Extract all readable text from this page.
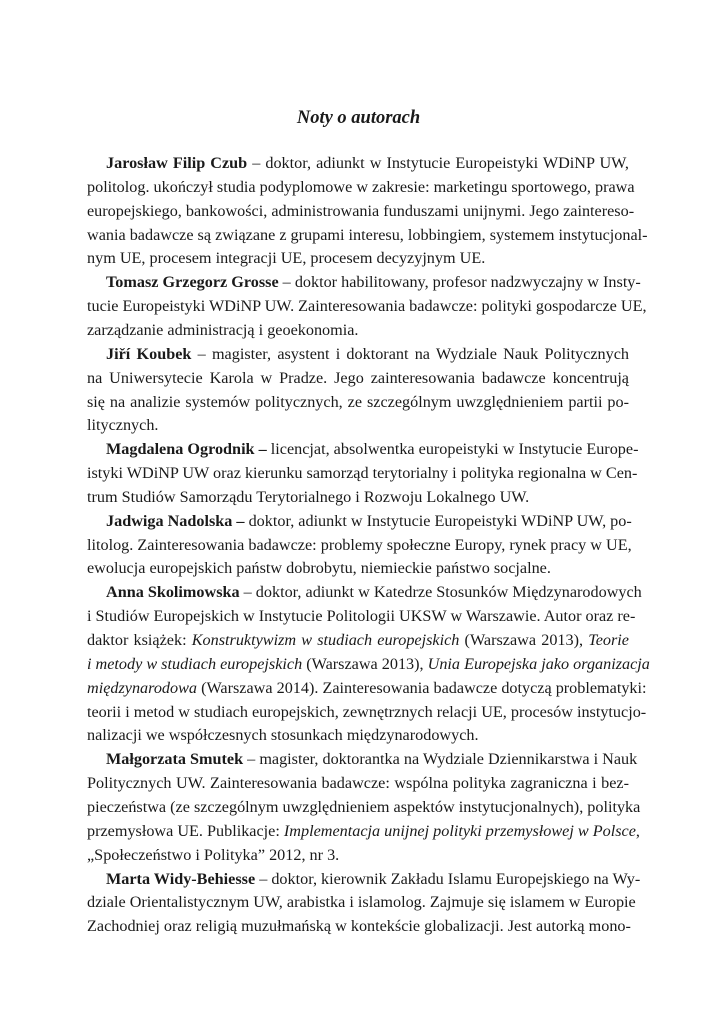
Noty o autorach
Jarosław Filip Czub – doktor, adiunkt w Instytucie Europeistyki WDiNP UW,
politolog. ukończył studia podyplomowe w zakresie: marketingu sportowego, prawa
europejskiego, bankowości, administrowania funduszami unijnymi. Jego zaintereso-
wania badawcze są związane z grupami interesu, lobbingiem, systemem instytucjonal-
nym UE, procesem integracji UE, procesem decyzyjnym UE.
Tomasz Grzegorz Grosse – doktor habilitowany, profesor nadzwyczajny w Insty-
tucie Europeistyki WDiNP UW. Zainteresowania badawcze: polityki gospodarcze UE,
zarządzanie administracją i geoekonomia.
Jiří Koubek – magister, asystent i doktorant na Wydziale Nauk Politycznych
na Uniwersytecie Karola w Pradze. Jego zainteresowania badawcze koncentrują
się na analizie systemów politycznych, ze szczególnym uwzględnieniem partii po-
litycznych.
Magdalena Ogrodnik – licencjat, absolwentka europeistyki w Instytucie Europe-
istyki WDiNP UW oraz kierunku samorząd terytorialny i polityka regionalna w Cen-
trum Studiów Samorządu Terytorialnego i Rozwoju Lokalnego UW.
Jadwiga Nadolska – doktor, adiunkt w Instytucie Europeistyki WDiNP UW, po-
litolog. Zainteresowania badawcze: problemy społeczne Europy, rynek pracy w UE,
ewolucja europejskich państw dobrobytu, niemieckie państwo socjalne.
Anna Skolimowska – doktor, adiunkt w Katedrze Stosunków Międzynarodowych
i Studiów Europejskich w Instytucie Politologii UKSW w Warszawie. Autor oraz re-
daktor książek: Konstruktywizm w studiach europejskich (Warszawa 2013), Teorie
i metody w studiach europejskich (Warszawa 2013), Unia Europejska jako organizacja
międzynarodowa (Warszawa 2014). Zainteresowania badawcze dotyczą problematyki:
teorii i metod w studiach europejskich, zewnętrznych relacji UE, procesów instytucjo-
nalizacji we współczesnych stosunkach międzynarodowych.
Małgorzata Smutek – magister, doktorantka na Wydziale Dziennikarstwa i Nauk
Politycznych UW. Zainteresowania badawcze: wspólna polityka zagraniczna i bez-
pieczeństwa (ze szczególnym uwzględnieniem aspektów instytucjonalnych), polityka
przemysłowa UE. Publikacje: Implementacja unijnej polityki przemysłowej w Polsce,
„Społeczeństwo i Polityka” 2012, nr 3.
Marta Widy-Behiesse – doktor, kierownik Zakładu Islamu Europejskiego na Wy-
dziale Orientalistycznym UW, arabistka i islamolog. Zajmuje się islamem w Europie
Zachodniej oraz religią muzułmańską w kontekście globalizacji. Jest autorką mono-
